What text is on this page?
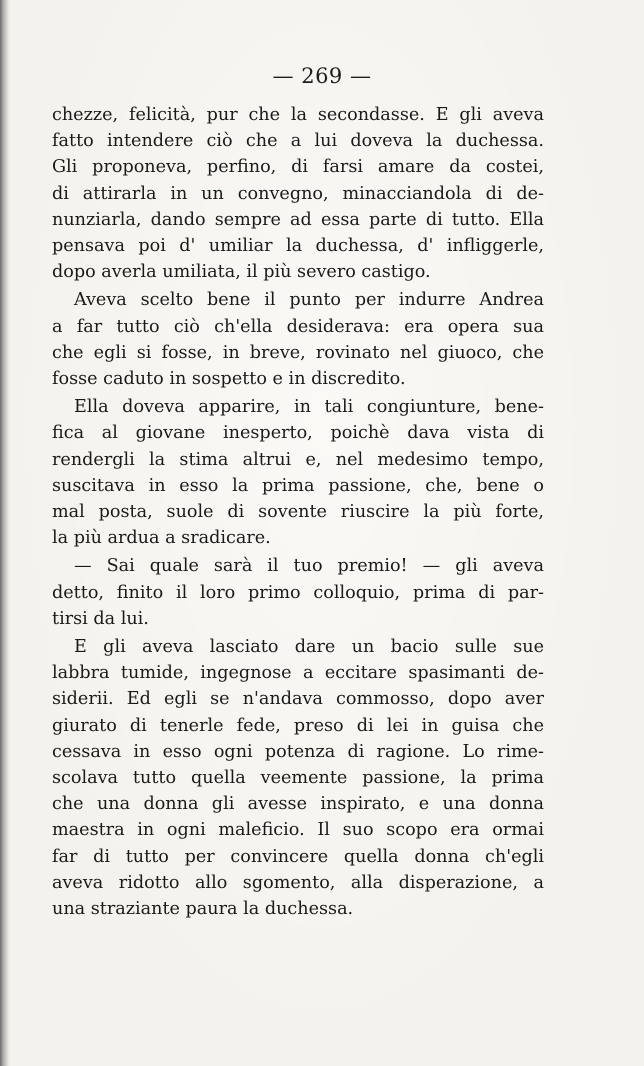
— 269 —

chezze, felicità, pur che la secondasse. E gli aveva
fatto intendere ciò che a lui doveva la duchessa.
Gli proponeva, perfino, di farsi amare da costei,
di attirarla in un convegno, minacciandola di de-
nunziarla, dando sempre ad essa parte di tutto. Ella
pensava poi d' umiliar la duchessa, d' infliggerle,
dopo averla umiliata, il più severo castigo.

Aveva scelto bene il punto per indurre Andrea
a far tutto ciò ch'ella desiderava: era opera sua
che egli si fosse, in breve, rovinato nel giuoco, che
fosse caduto in sospetto e in discredito.

Ella doveva apparire, in tali congiunture, bene-
fica al giovane inesperto, poichè dava vista di
rendergli la stima altrui e, nel medesimo tempo,
suscitava in esso la prima passione, che, bene o
mal posta, suole di sovente riuscire la più forte,
la più ardua a sradicare.

— Sai quale sarà il tuo premio! — gli aveva
detto, finito il loro primo colloquio, prima di par-
tirsi da lui.

E gli aveva lasciato dare un bacio sulle sue
labbra tumide, ingegnose a eccitare spasimanti de-
siderii. Ed egli se n'andava commosso, dopo aver
giurato di tenerle fede, preso di lei in guisa che
cessava in esso ogni potenza di ragione. Lo rime-
scolava tutto quella veemente passione, la prima
che una donna gli avesse inspirato, e una donna
maestra in ogni maleficio. Il suo scopo era ormai
far di tutto per convincere quella donna ch'egli
aveva ridotto allo sgomento, alla disperazione, a
una straziante paura la duchessa.
